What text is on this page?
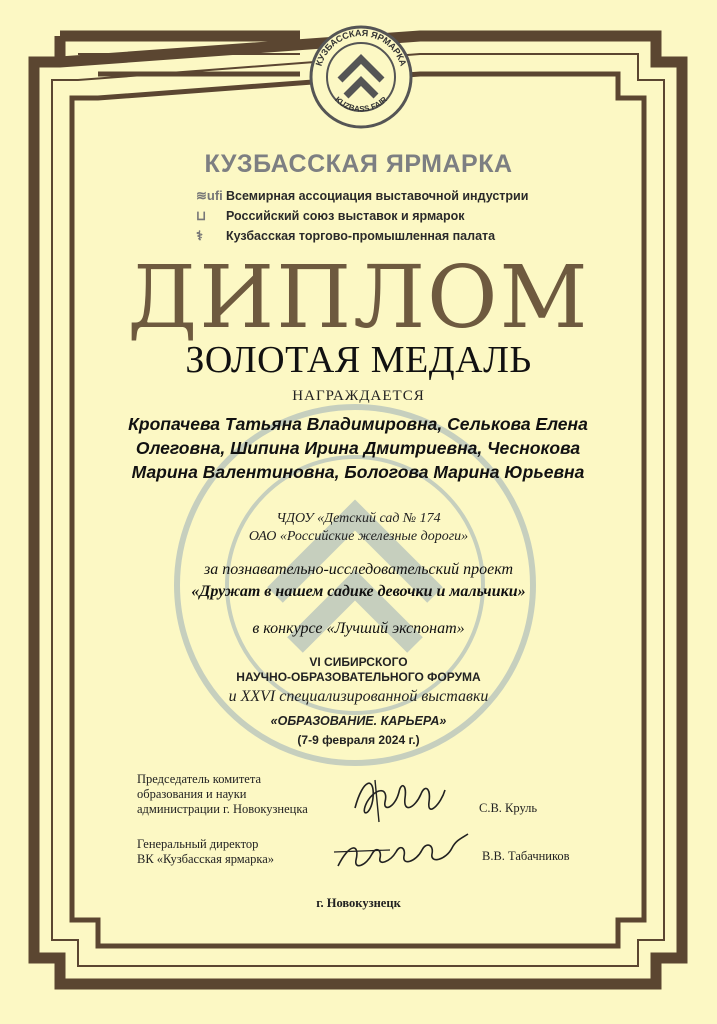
КУЗБАССКАЯ ЯРМАРКА
KUZBASS FAIR
КУЗБАССКАЯ ЯРМАРКА
≋ufi Всемирная ассоциация выставочной индустрии
⊔	Российский союз выставок и ярмарок
⚕	Кузбасская торгово-промышленная палата
ДИПЛОМ
ЗОЛОТАЯ МЕДАЛЬ
НАГРАЖДАЕТСЯ
Кропачева Татьяна Владимировна, Селькова Елена Олеговна, Шипина Ирина Дмитриевна, Чеснокова Марина Валентиновна, Бологова Марина Юрьевна
ЧДОУ «Детский сад № 174
ОАО «Российские железные дороги»
за познавательно-исследовательский проект
«Дружат в нашем садике девочки и мальчики»
в конкурсе «Лучший экспонат»
VI СИБИРСКОГО
НАУЧНО-ОБРАЗОВАТЕЛЬНОГО ФОРУМА
и XXVI специализированной выставки
«ОБРАЗОВАНИЕ. КАРЬЕРА»
(7-9 февраля 2024 г.)
Председатель комитета
образования и науки
администрации г. Новокузнецка	С.В. Круль
Генеральный директор
ВК «Кузбасская ярмарка»	В.В. Табачников
г. Новокузнецк
